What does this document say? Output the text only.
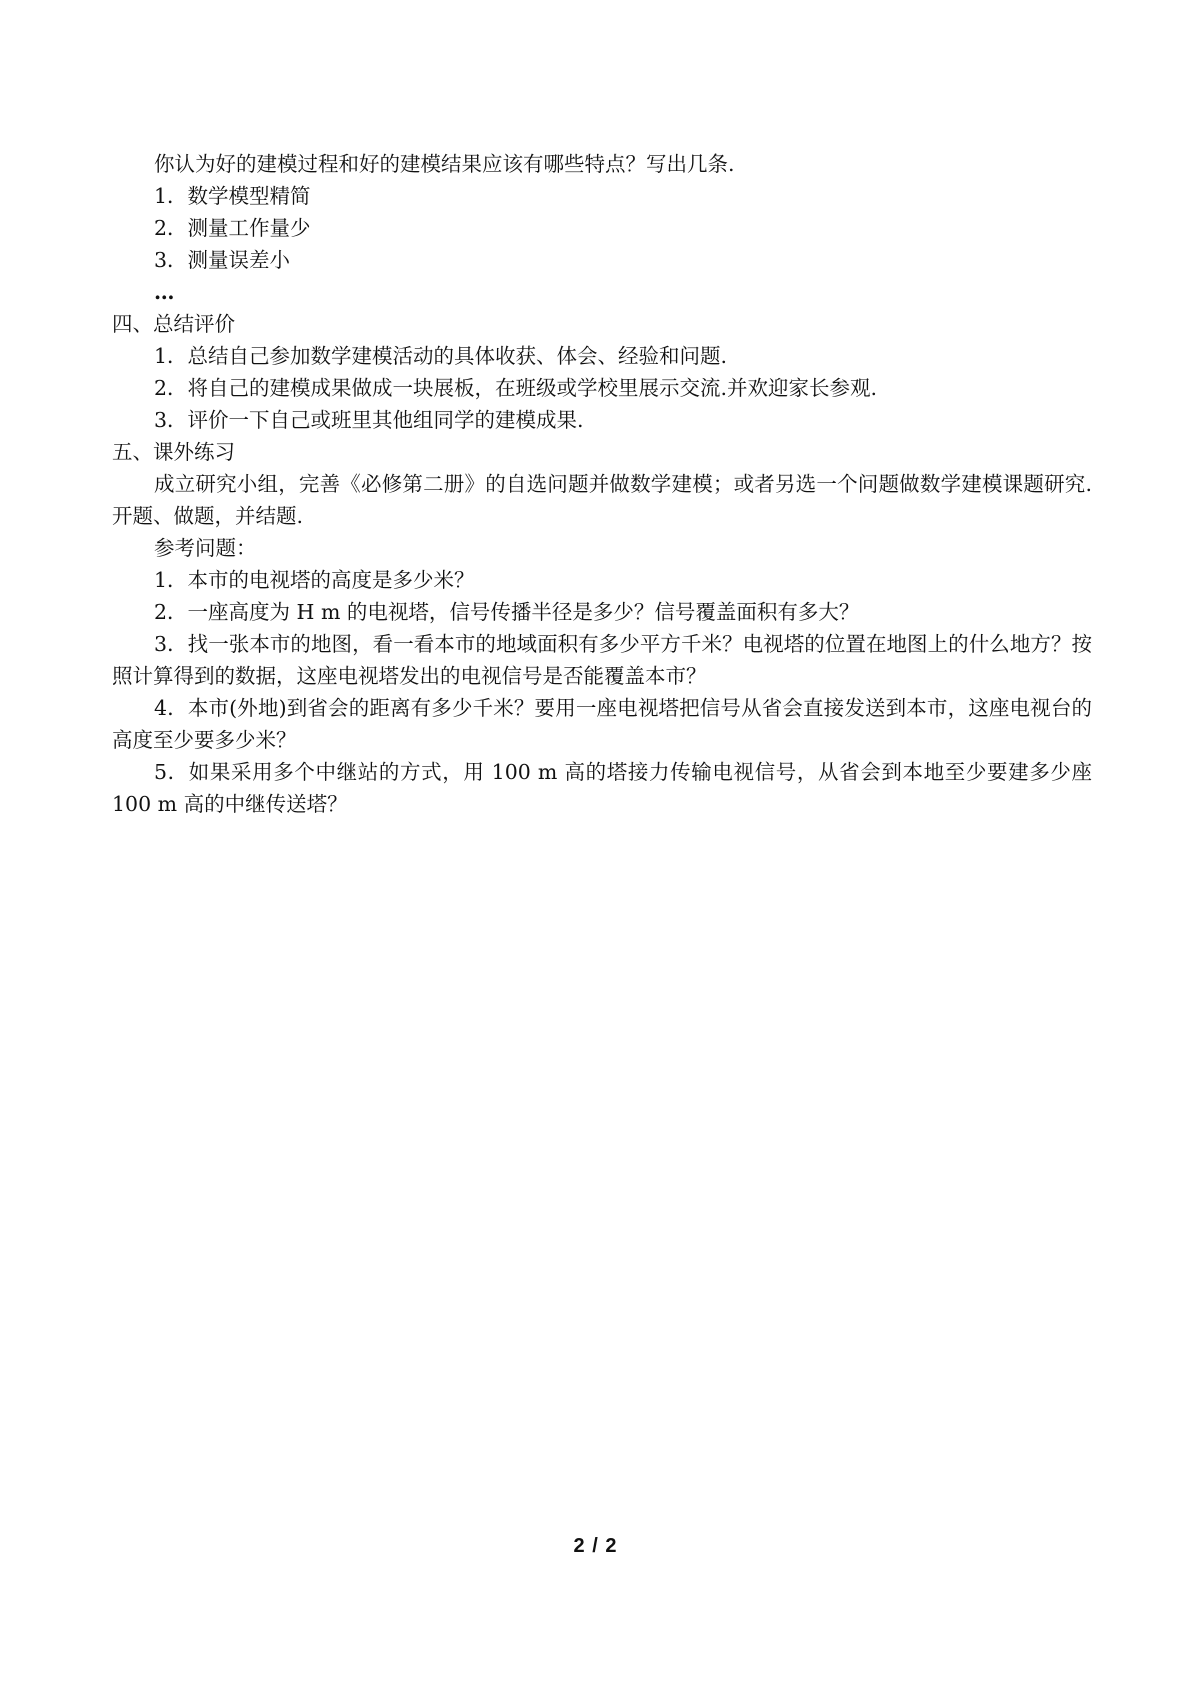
你认为好的建模过程和好的建模结果应该有哪些特点？写出几条.
1．数学模型精简
2．测量工作量少
3．测量误差小
…
四、总结评价
1．总结自己参加数学建模活动的具体收获、体会、经验和问题.
2．将自己的建模成果做成一块展板，在班级或学校里展示交流.并欢迎家长参观.
3．评价一下自己或班里其他组同学的建模成果.
五、课外练习
成立研究小组，完善《必修第二册》的自选问题并做数学建模；或者另选一个问题做数学建模课题研究.开题、做题，并结题.
参考问题：
1．本市的电视塔的高度是多少米？
2．一座高度为 H m 的电视塔，信号传播半径是多少？信号覆盖面积有多大？
3．找一张本市的地图，看一看本市的地域面积有多少平方千米？电视塔的位置在地图上的什么地方？按照计算得到的数据，这座电视塔发出的电视信号是否能覆盖本市？
4．本市(外地)到省会的距离有多少千米？要用一座电视塔把信号从省会直接发送到本市，这座电视台的高度至少要多少米？
5．如果采用多个中继站的方式，用 100 m 高的塔接力传输电视信号，从省会到本地至少要建多少座 100 m 高的中继传送塔？
2 / 2
